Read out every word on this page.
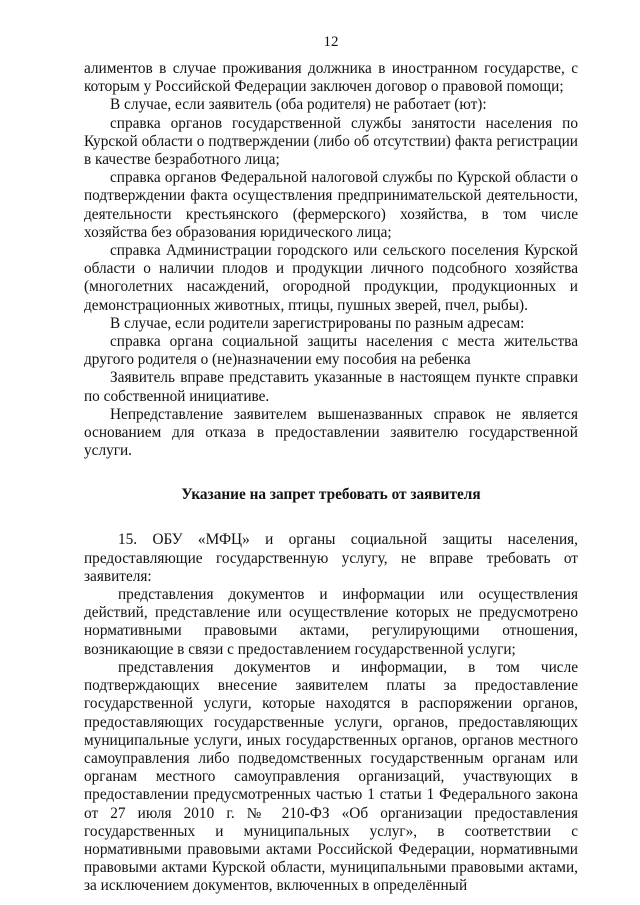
12

алиментов в случае проживания должника в иностранном государстве, с которым у Российской Федерации заключен договор о правовой помощи;

В случае, если заявитель (оба родителя) не работает (ют):

справка органов государственной службы занятости населения по Курской области о подтверждении (либо об отсутствии) факта регистрации в качестве безработного лица;

справка органов Федеральной налоговой службы по Курской области о подтверждении факта осуществления предпринимательской деятельности, деятельности крестьянского (фермерского) хозяйства, в том числе хозяйства без образования юридического лица;

справка Администрации городского или сельского поселения Курской области о наличии плодов и продукции личного подсобного хозяйства (многолетних насаждений, огородной продукции, продукционных и демонстрационных животных, птицы, пушных зверей, пчел, рыбы).

В случае, если родители зарегистрированы по разным адресам:

справка органа социальной защиты населения с места жительства другого родителя о (не)назначении ему пособия на ребенка

Заявитель вправе представить указанные в настоящем пункте справки по собственной инициативе.

Непредставление заявителем вышеназванных справок не является основанием для отказа в предоставлении заявителю государственной услуги.

Указание на запрет требовать от заявителя

15. ОБУ «МФЦ» и органы социальной защиты населения, предоставляющие государственную услугу, не вправе требовать от заявителя:

представления документов и информации или осуществления действий, представление или осуществление которых не предусмотрено нормативными правовыми актами, регулирующими отношения, возникающие в связи с предоставлением государственной услуги;

представления документов и информации, в том числе подтверждающих внесение заявителем платы за предоставление государственной услуги, которые находятся в распоряжении органов, предоставляющих государственные услуги, органов, предоставляющих муниципальные услуги, иных государственных органов, органов местного самоуправления либо подведомственных государственным органам или органам местного самоуправления организаций, участвующих в предоставлении предусмотренных частью 1 статьи 1 Федерального закона от 27 июля 2010 г. № 210-ФЗ «Об организации предоставления государственных и муниципальных услуг», в соответствии с нормативными правовыми актами Российской Федерации, нормативными правовыми актами Курской области, муниципальными правовыми актами, за исключением документов, включенных в определённый
